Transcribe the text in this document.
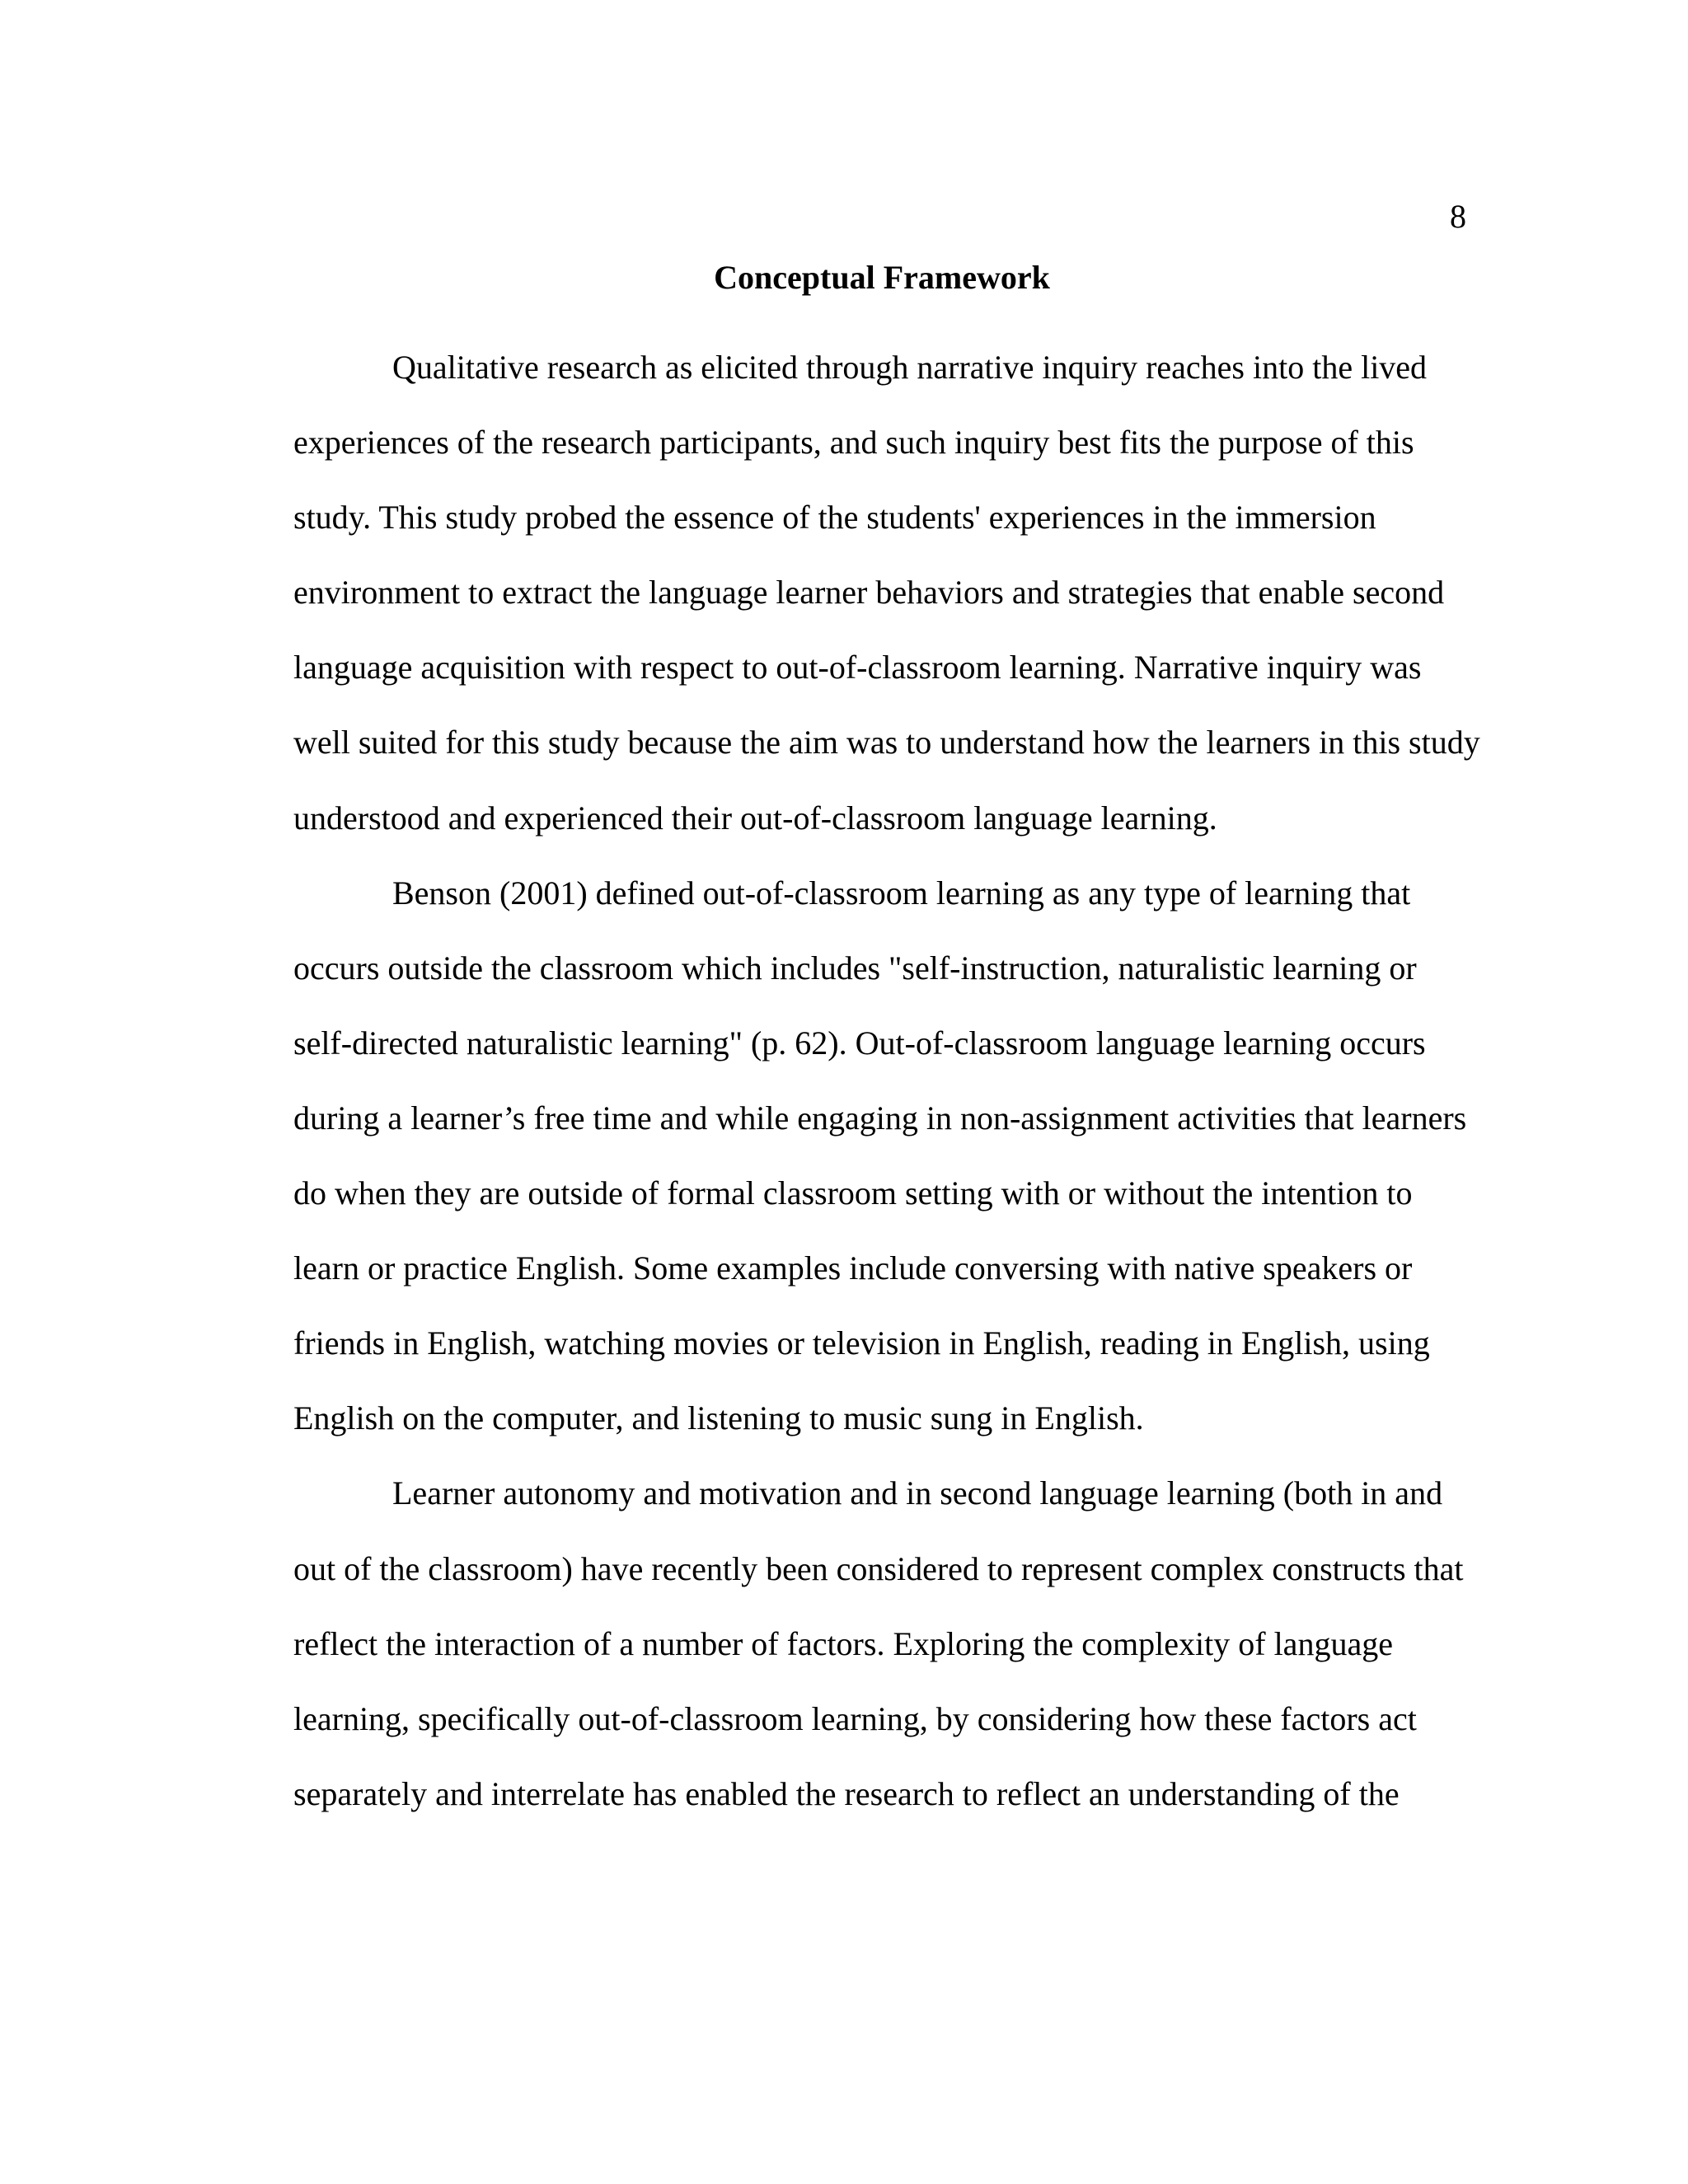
8
Conceptual Framework
Qualitative research as elicited through narrative inquiry reaches into the lived
experiences of the research participants, and such inquiry best fits the purpose of this
study. This study probed the essence of the students' experiences in the immersion
environment to extract the language learner behaviors and strategies that enable second
language acquisition with respect to out-of-classroom learning. Narrative inquiry was
well suited for this study because the aim was to understand how the learners in this study
understood and experienced their out-of-classroom language learning.
Benson (2001) defined out-of-classroom learning as any type of learning that
occurs outside the classroom which includes "self-instruction, naturalistic learning or
self-directed naturalistic learning" (p. 62). Out-of-classroom language learning occurs
during a learner’s free time and while engaging in non-assignment activities that learners
do when they are outside of formal classroom setting with or without the intention to
learn or practice English. Some examples include conversing with native speakers or
friends in English, watching movies or television in English, reading in English, using
English on the computer, and listening to music sung in English.
Learner autonomy and motivation and in second language learning (both in and
out of the classroom) have recently been considered to represent complex constructs that
reflect the interaction of a number of factors. Exploring the complexity of language
learning, specifically out-of-classroom learning, by considering how these factors act
separately and interrelate has enabled the research to reflect an understanding of the
